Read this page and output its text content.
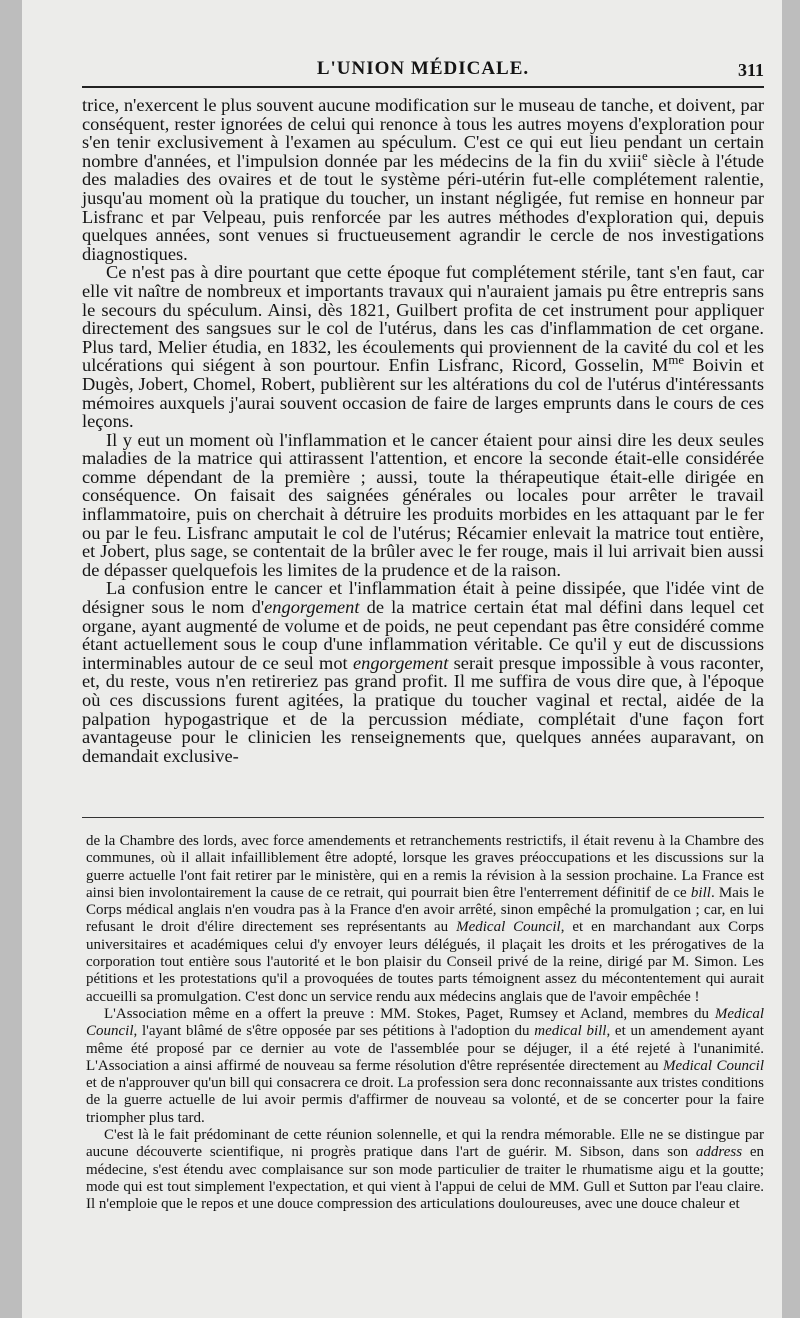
L'UNION MÉDICALE.	311

trice, n'exercent le plus souvent aucune modification sur le museau de tanche, et doivent, par conséquent, rester ignorées de celui qui renonce à tous les autres moyens d'exploration pour s'en tenir exclusivement à l'examen au spéculum. C'est ce qui eut lieu pendant un certain nombre d'années, et l'impulsion donnée par les médecins de la fin du xviii$^e$ siècle à l'étude des maladies des ovaires et de tout le système péri-utérin fut-elle complétement ralentie, jusqu'au moment où la pratique du toucher, un instant négligée, fut remise en honneur par Lisfranc et par Velpeau, puis renforcée par les autres méthodes d'exploration qui, depuis quelques années, sont venues si fructueusement agrandir le cercle de nos investigations diagnostiques.

Ce n'est pas à dire pourtant que cette époque fut complétement stérile, tant s'en faut, car elle vit naître de nombreux et importants travaux qui n'auraient jamais pu être entrepris sans le secours du spéculum. Ainsi, dès 1821, Guilbert profita de cet instrument pour appliquer directement des sangsues sur le col de l'utérus, dans les cas d'inflammation de cet organe. Plus tard, Melier étudia, en 1832, les écoulements qui proviennent de la cavité du col et les ulcérations qui siégent à son pourtour. Enfin Lisfranc, Ricord, Gosselin, $M^{me}$ Boivin et Dugès, Jobert, Chomel, Robert, publièrent sur les altérations du col de l'utérus d'intéressants mémoires auxquels j'aurai souvent occasion de faire de larges emprunts dans le cours de ces leçons.

Il y eut un moment où l'inflammation et le cancer étaient pour ainsi dire les deux seules maladies de la matrice qui attirassent l'attention, et encore la seconde était-elle considérée comme dépendant de la première ; aussi, toute la thérapeutique était-elle dirigée en conséquence. On faisait des saignées générales ou locales pour arrêter le travail inflammatoire, puis on cherchait à détruire les produits morbides en les attaquant par le fer ou par le feu. Lisfranc amputait le col de l'utérus; Récamier enlevait la matrice tout entière, et Jobert, plus sage, se contentait de la brûler avec le fer rouge, mais il lui arrivait bien aussi de dépasser quelquefois les limites de la prudence et de la raison.

La confusion entre le cancer et l'inflammation était à peine dissipée, que l'idée vint de désigner sous le nom d'engorgement de la matrice certain état mal défini dans lequel cet organe, ayant augmenté de volume et de poids, ne peut cependant pas être considéré comme étant actuellement sous le coup d'une inflammation véritable. Ce qu'il y eut de discussions interminables autour de ce seul mot engorgement serait presque impossible à vous raconter, et, du reste, vous n'en retireriez pas grand profit. Il me suffira de vous dire que, à l'époque où ces discussions furent agitées, la pratique du toucher vaginal et rectal, aidée de la palpation hypogastrique et de la percussion médiate, complétait d'une façon fort avantageuse pour le clinicien les renseignements que, quelques années auparavant, on demandait exclusive-

de la Chambre des lords, avec force amendements et retranchements restrictifs, il était revenu à la Chambre des communes, où il allait infailliblement être adopté, lorsque les graves préoccupations et les discussions sur la guerre actuelle l'ont fait retirer par le ministère, qui en a remis la révision à la session prochaine. La France est ainsi bien involontairement la cause de ce retrait, qui pourrait bien être l'enterrement définitif de ce bill. Mais le Corps médical anglais n'en voudra pas à la France d'en avoir arrêté, sinon empêché la promulgation ; car, en lui refusant le droit d'élire directement ses représentants au Medical Council, et en marchandant aux Corps universitaires et académiques celui d'y envoyer leurs délégués, il plaçait les droits et les prérogatives de la corporation tout entière sous l'autorité et le bon plaisir du Conseil privé de la reine, dirigé par M. Simon. Les pétitions et les protestations qu'il a provoquées de toutes parts témoignent assez du mécontentement qui aurait accueilli sa promulgation. C'est donc un service rendu aux médecins anglais que de l'avoir empêchée !

L'Association même en a offert la preuve : MM. Stokes, Paget, Rumsey et Acland, membres du Medical Council, l'ayant blâmé de s'être opposée par ses pétitions à l'adoption du medical bill, et un amendement ayant même été proposé par ce dernier au vote de l'assemblée pour se déjuger, il a été rejeté à l'unanimité. L'Association a ainsi affirmé de nouveau sa ferme résolution d'être représentée directement au Medical Council et de n'approuver qu'un bill qui consacrera ce droit. La profession sera donc reconnaissante aux tristes conditions de la guerre actuelle de lui avoir permis d'affirmer de nouveau sa volonté, et de se concerter pour la faire triompher plus tard.

C'est là le fait prédominant de cette réunion solennelle, et qui la rendra mémorable. Elle ne se distingue par aucune découverte scientifique, ni progrès pratique dans l'art de guérir. M. Sibson, dans son address en médecine, s'est étendu avec complaisance sur son mode particulier de traiter le rhumatisme aigu et la goutte; mode qui est tout simplement l'expectation, et qui vient à l'appui de celui de MM. Gull et Sutton par l'eau claire. Il n'emploie que le repos et une douce compression des articulations douloureuses, avec une douce chaleur et
